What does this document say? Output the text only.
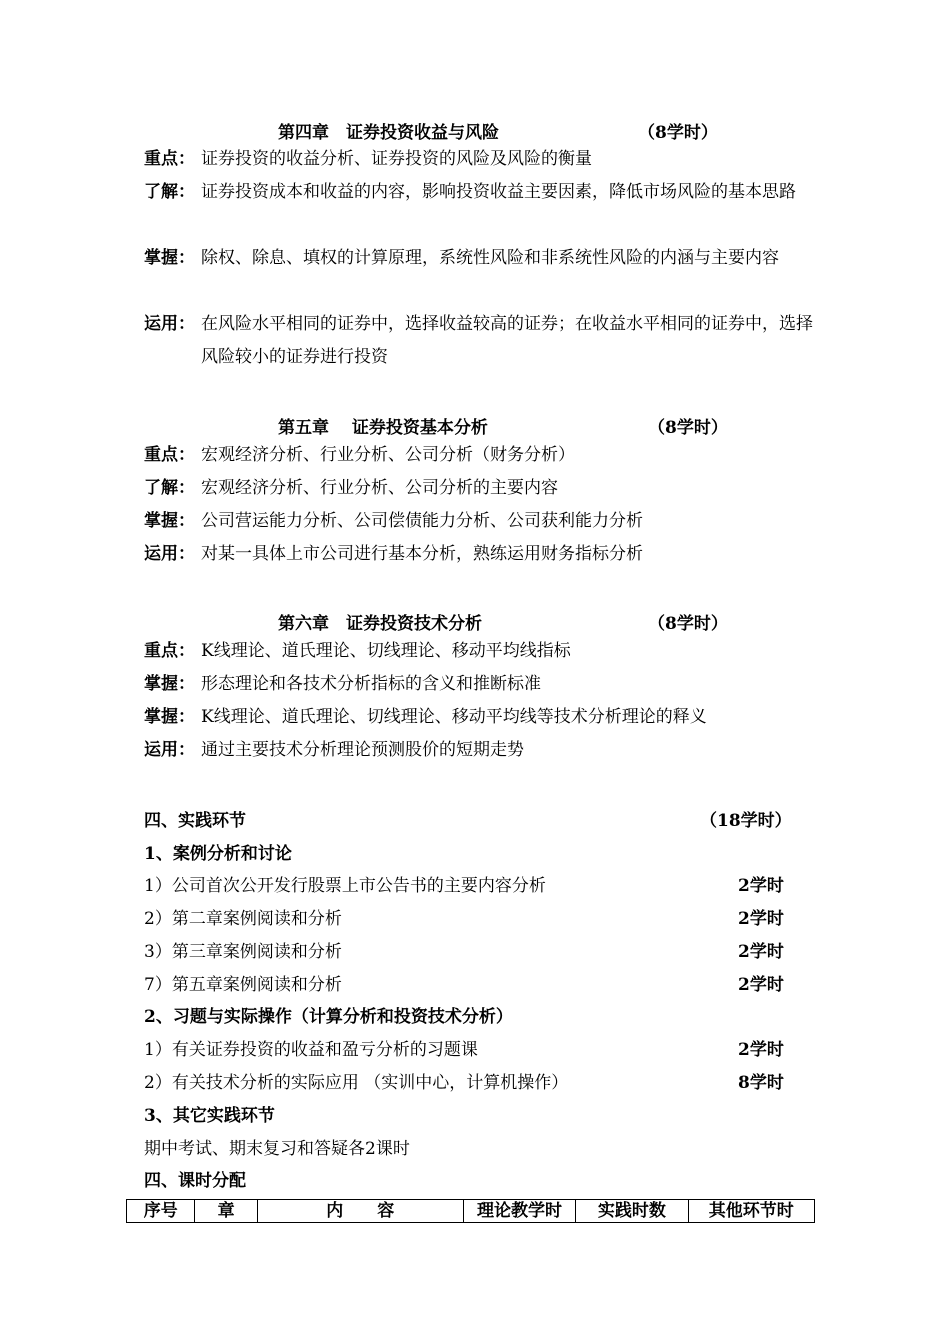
第四章　证券投资收益与风险	（8学时）
重点： 证券投资的收益分析、证券投资的风险及风险的衡量
了解： 证券投资成本和收益的内容，影响投资收益主要因素，降低市场风险的基本思路
掌握： 除权、除息、填权的计算原理，系统性风险和非系统性风险的内涵与主要内容
运用： 在风险水平相同的证券中，选择收益较高的证券；在收益水平相同的证券中，选择风险较小的证券进行投资
第五章　 证券投资基本分析	（8学时）
重点： 宏观经济分析、行业分析、公司分析（财务分析）
了解： 宏观经济分析、行业分析、公司分析的主要内容
掌握： 公司营运能力分析、公司偿债能力分析、公司获利能力分析
运用： 对某一具体上市公司进行基本分析，熟练运用财务指标分析
第六章　证券投资技术分析	（8学时）
重点： K线理论、道氏理论、切线理论、移动平均线指标
掌握： 形态理论和各技术分析指标的含义和推断标准
掌握： K线理论、道氏理论、切线理论、移动平均线等技术分析理论的释义
运用： 通过主要技术分析理论预测股价的短期走势
四、实践环节	（18学时）
1、案例分析和讨论
1）公司首次公开发行股票上市公告书的主要内容分析	2学时
2）第二章案例阅读和分析	2学时
3）第三章案例阅读和分析	2学时
7）第五章案例阅读和分析	2学时
2、习题与实际操作（计算分析和投资技术分析）
1）有关证券投资的收益和盈亏分析的习题课	2学时
2）有关技术分析的实际应用 （实训中心，计算机操作）	8学时
3、其它实践环节
期中考试、期末复习和答疑各2课时
四、课时分配
序号	章	内　　容	理论教学时	实践时数	其他环节时
